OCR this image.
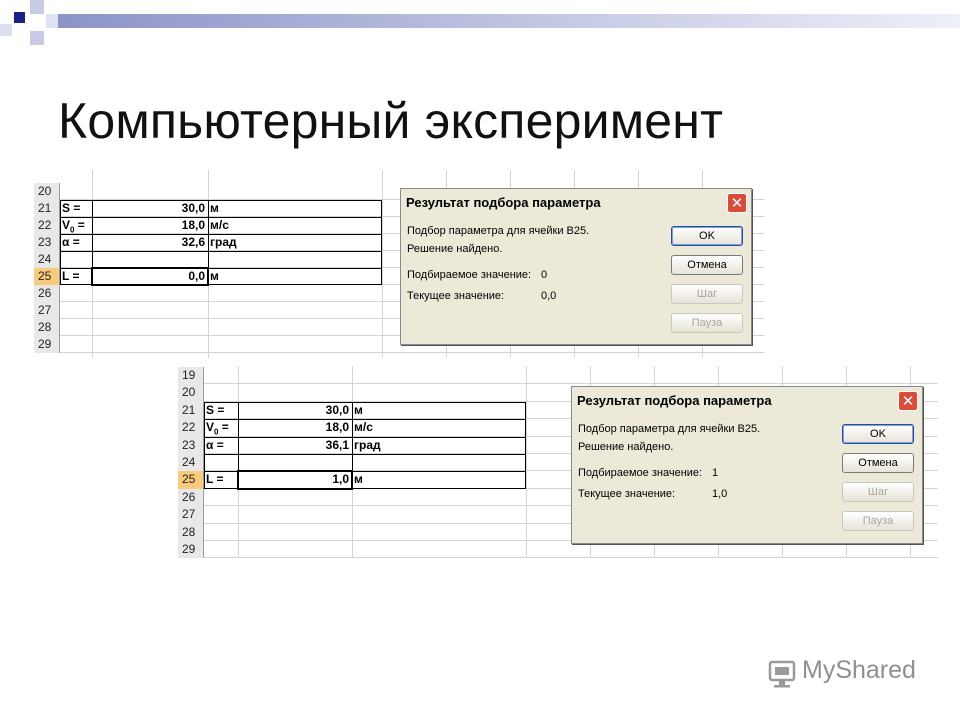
Компьютерный эксперимент
20
21 S =	30,0 м
22 $V_0$ =	18,0 м/с
23 α =	32,6 град
24
25 L =	0,0 м
26
27
28
29
19
20
21 S =	30,0 м
22 $V_0$ =	18,0 м/с
23 α =	36,1 град
24
25 L =	1,0 м
26
27
28
29
Результат подбора параметра	✕
Подбор параметра для ячейки B25.
Решение найдено.
Подбираемое значение: 0
Текущее значение:	0,0
OK
Отмена
Шаг
Пауза
Результат подбора параметра	✕
Подбор параметра для ячейки B25.
Решение найдено.
Подбираемое значение: 1
Текущее значение:	1,0
OK
Отмена
Шаг
Пауза
MyShared
